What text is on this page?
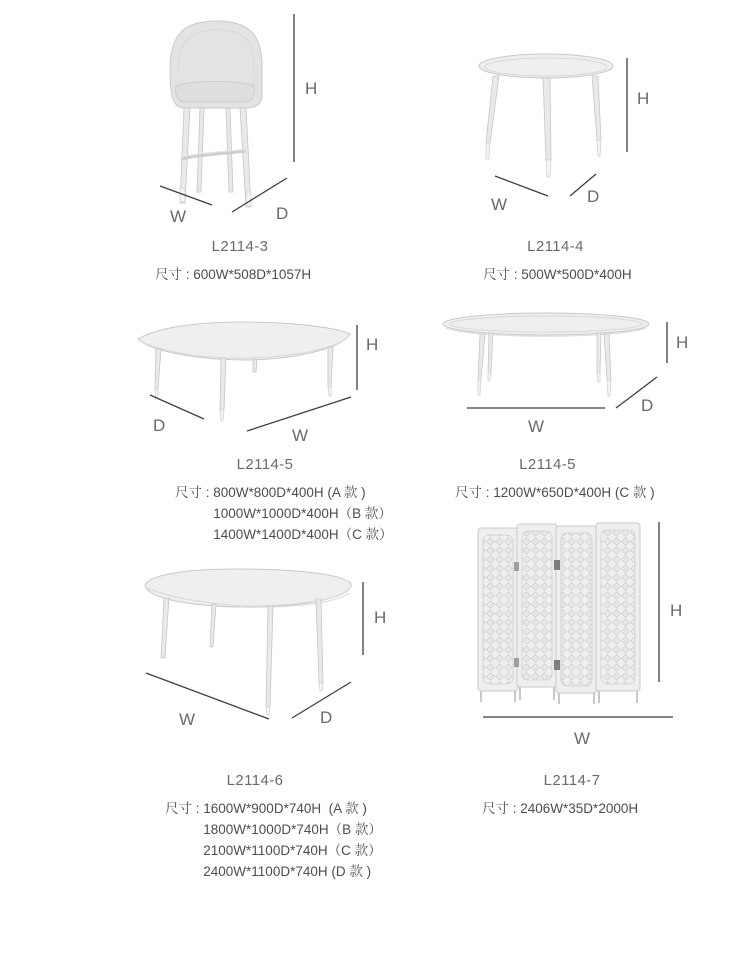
H
W	D
L2114-3
尺寸 : 600W*508D*1057H
H
W	D
L2114-4
尺寸 : 500W*500D*400H
H
D
W
L2114-5
尺寸 : 800W*800D*400H (A 款 )
1000W*1000D*400H（B 款）
1400W*1400D*400H（C 款）
H
W
D
L2114-5
尺寸 : 1200W*650D*400H (C 款 )
H
W	D
L2114-6
尺寸 : 1600W*900D*740H  (A 款 )
1800W*1000D*740H（B 款）
2100W*1100D*740H（C 款）
2400W*1100D*740H (D 款 )
H
W
L2114-7
尺寸 : 2406W*35D*2000H
